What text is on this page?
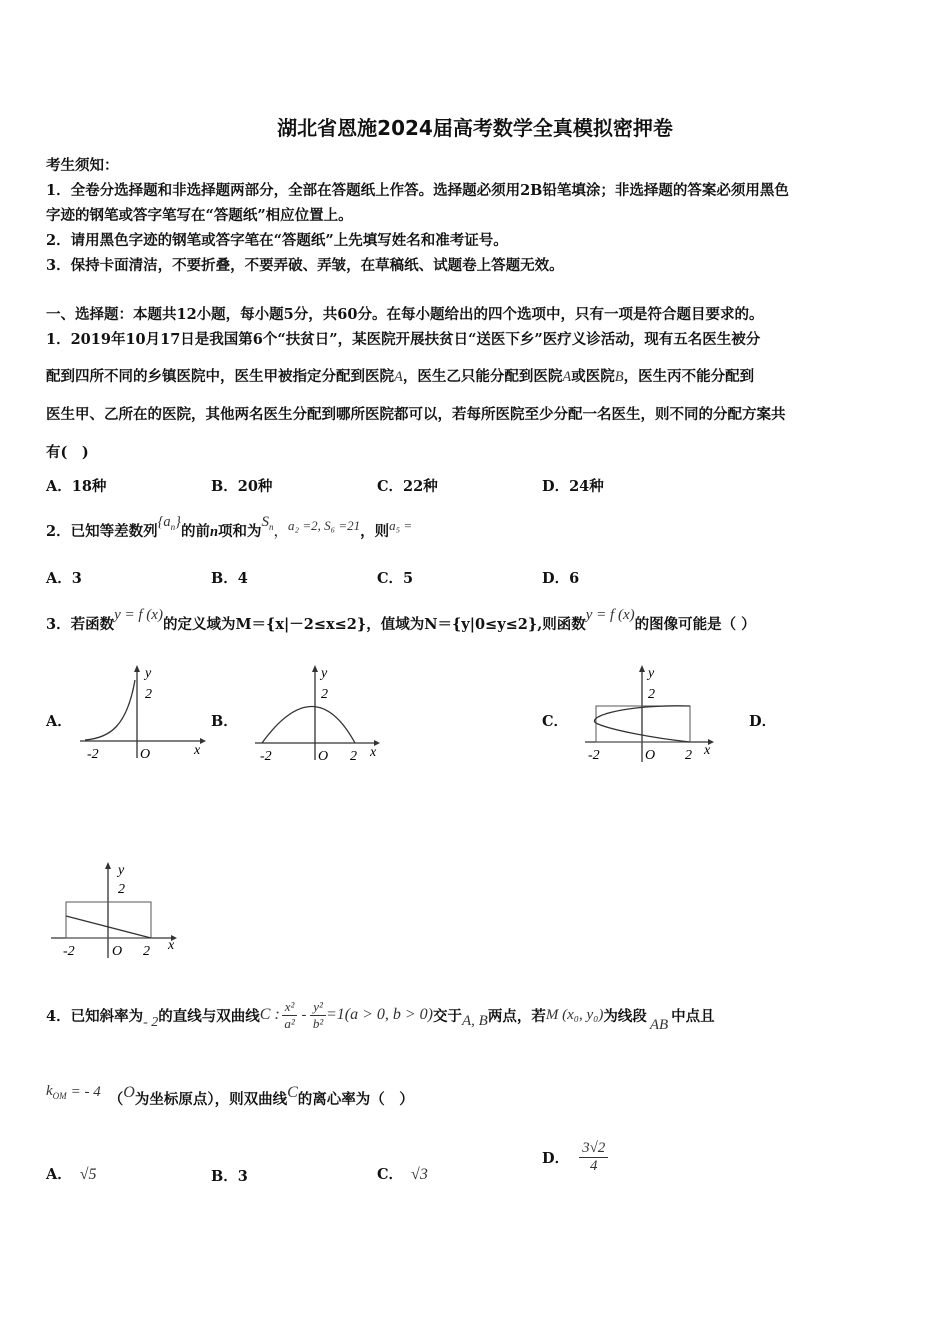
湖北省恩施2024届高考数学全真模拟密押卷
考生须知：
1．全卷分选择题和非选择题两部分，全部在答题纸上作答。选择题必须用2B铅笔填涂；非选择题的答案必须用黑色
字迹的钢笔或答字笔写在“答题纸”相应位置上。
2．请用黑色字迹的钢笔或答字笔在“答题纸”上先填写姓名和准考证号。
3．保持卡面清洁，不要折叠，不要弄破、弄皱，在草稿纸、试题卷上答题无效。
一、选择题：本题共12小题，每小题5分，共60分。在每小题给出的四个选项中，只有一项是符合题目要求的。
1．2019年10月17日是我国第6个“扶贫日”，某医院开展扶贫日“送医下乡”医疗义诊活动，现有五名医生被分
配到四所不同的乡镇医院中，医生甲被指定分配到医院A，医生乙只能分配到医院A或医院B，医生丙不能分配到
医生甲、乙所在的医院，其他两名医生分配到哪所医院都可以，若每所医院至少分配一名医生，则不同的分配方案共
有(　)
A．18种	B．20种	C．22种	D．24种
2．已知等差数列$\{a_n\}$的前n项和为$S_n$，a₂ =2, S₆ =21，则a₅ =
A．3	B．4	C．5	D．6
3．若函数y = f (x)的定义域为M＝{x|－2≤x≤2}，值域为N＝{y|0≤y≤2},则函数y = f (x)的图像可能是（ ）
A．	B．	C．	D．
y
2
-2	O	x
y
2
-2	O 2 x
y
2
-2	O 2 x
y
2
-2	O 2 x
4．已知斜率为 - 2 的直线与双曲线 C : $\frac{\text{x²}}{\text{a²}} - \frac{\text{y²}}{\text{b²}} =1(a > 0$, b > 0) 交于 A, B 两点，若 M (x₀, y₀) 为线段 AB 中点且
$k_{OM}$ = - 4 （ O 为坐标原点），则双曲线 C 的离心率为（　）
A． √5	B．3	C． √3
D． $\frac{3√2}{4}$
